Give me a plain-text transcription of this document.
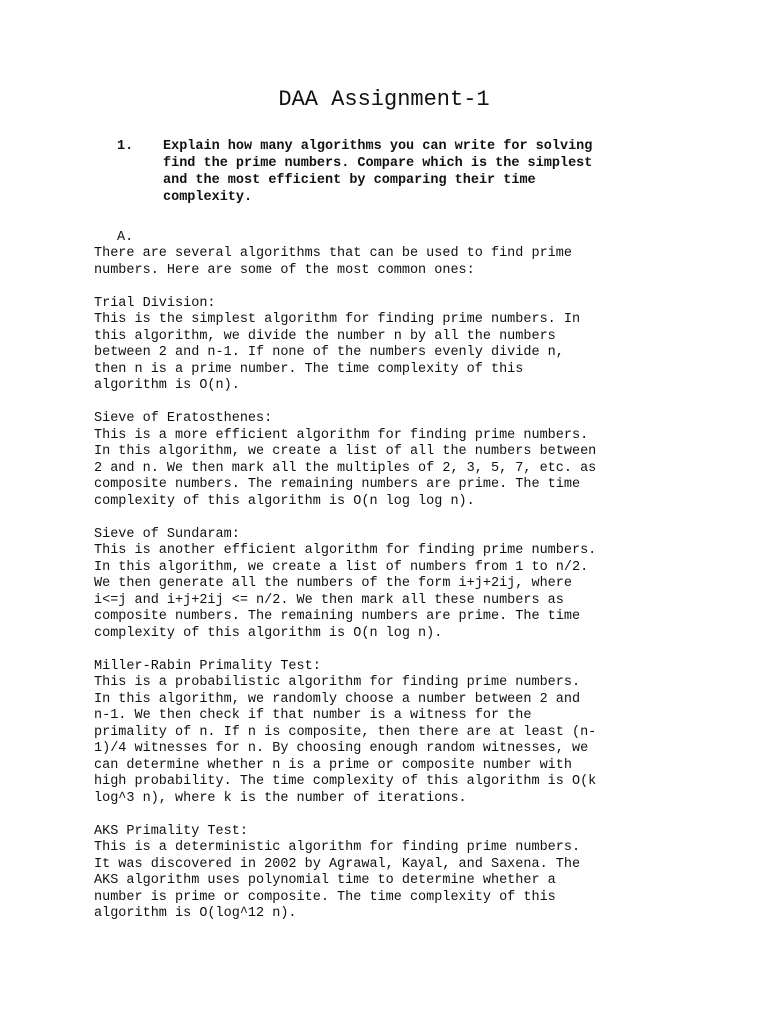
DAA Assignment-1
1. Explain how many algorithms you can write for solving
find the prime numbers. Compare which is the simplest
and the most efficient by comparing their time
complexity.
A.
There are several algorithms that can be used to find prime
numbers. Here are some of the most common ones:
Trial Division:
This is the simplest algorithm for finding prime numbers. In
this algorithm, we divide the number n by all the numbers
between 2 and n-1. If none of the numbers evenly divide n,
then n is a prime number. The time complexity of this
algorithm is O(n).
Sieve of Eratosthenes:
This is a more efficient algorithm for finding prime numbers.
In this algorithm, we create a list of all the numbers between
2 and n. We then mark all the multiples of 2, 3, 5, 7, etc. as
composite numbers. The remaining numbers are prime. The time
complexity of this algorithm is O(n log log n).
Sieve of Sundaram:
This is another efficient algorithm for finding prime numbers.
In this algorithm, we create a list of numbers from 1 to n/2.
We then generate all the numbers of the form i+j+2ij, where
i<=j and i+j+2ij <= n/2. We then mark all these numbers as
composite numbers. The remaining numbers are prime. The time
complexity of this algorithm is O(n log n).
Miller-Rabin Primality Test:
This is a probabilistic algorithm for finding prime numbers.
In this algorithm, we randomly choose a number between 2 and
n-1. We then check if that number is a witness for the
primality of n. If n is composite, then there are at least (n-
1)/4 witnesses for n. By choosing enough random witnesses, we
can determine whether n is a prime or composite number with
high probability. The time complexity of this algorithm is O(k
log^3 n), where k is the number of iterations.
AKS Primality Test:
This is a deterministic algorithm for finding prime numbers.
It was discovered in 2002 by Agrawal, Kayal, and Saxena. The
AKS algorithm uses polynomial time to determine whether a
number is prime or composite. The time complexity of this
algorithm is O(log^12 n).
